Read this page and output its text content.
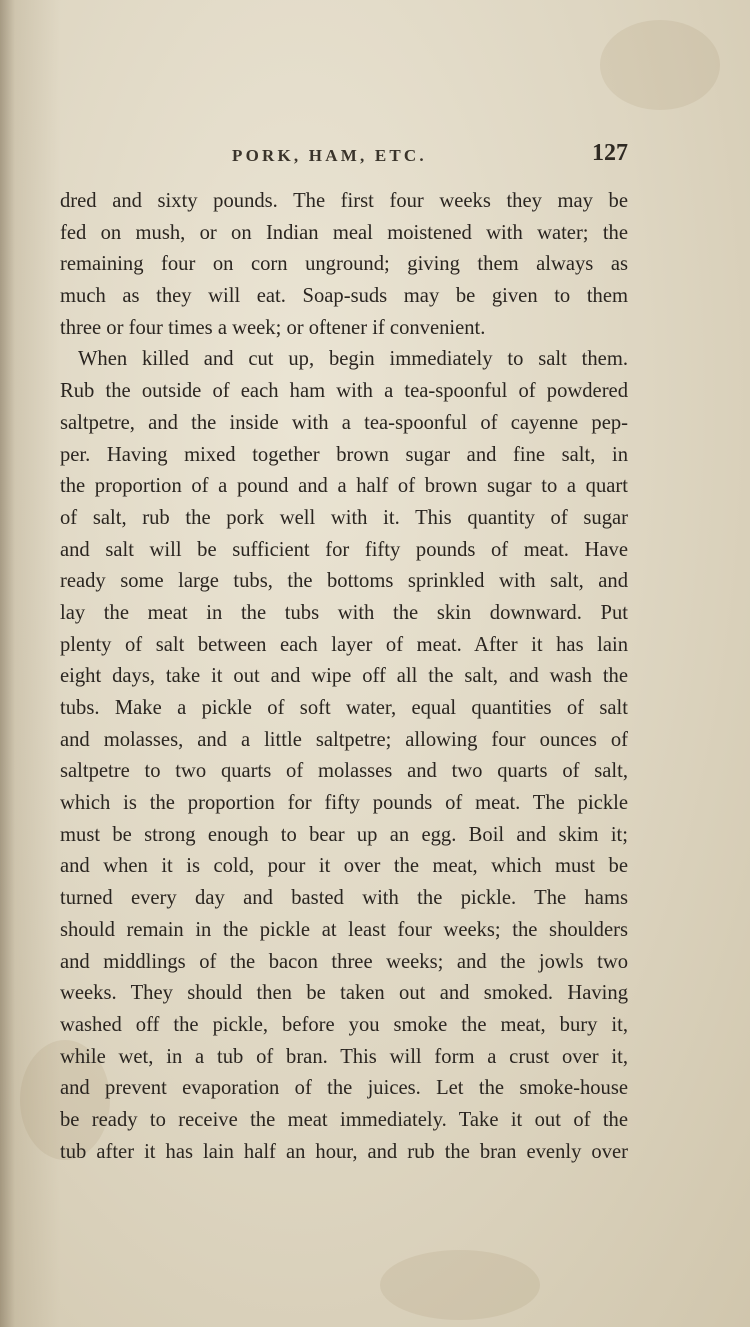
PORK, HAM, ETC.	127
dred and sixty pounds. The first four weeks they may be
fed on mush, or on Indian meal moistened with water; the
remaining four on corn unground; giving them always as
much as they will eat. Soap-suds may be given to them
three or four times a week; or oftener if convenient.
When killed and cut up, begin immediately to salt them.
Rub the outside of each ham with a tea-spoonful of powdered
saltpetre, and the inside with a tea-spoonful of cayenne pep-
per. Having mixed together brown sugar and fine salt, in
the proportion of a pound and a half of brown sugar to a quart
of salt, rub the pork well with it. This quantity of sugar
and salt will be sufficient for fifty pounds of meat. Have
ready some large tubs, the bottoms sprinkled with salt, and
lay the meat in the tubs with the skin downward. Put
plenty of salt between each layer of meat. After it has lain
eight days, take it out and wipe off all the salt, and wash the
tubs. Make a pickle of soft water, equal quantities of salt
and molasses, and a little saltpetre; allowing four ounces of
saltpetre to two quarts of molasses and two quarts of salt,
which is the proportion for fifty pounds of meat. The pickle
must be strong enough to bear up an egg. Boil and skim it;
and when it is cold, pour it over the meat, which must be
turned every day and basted with the pickle. The hams
should remain in the pickle at least four weeks; the shoulders
and middlings of the bacon three weeks; and the jowls two
weeks. They should then be taken out and smoked. Having
washed off the pickle, before you smoke the meat, bury it,
while wet, in a tub of bran. This will form a crust over it,
and prevent evaporation of the juices. Let the smoke-house
be ready to receive the meat immediately. Take it out of the
tub after it has lain half an hour, and rub the bran evenly over
